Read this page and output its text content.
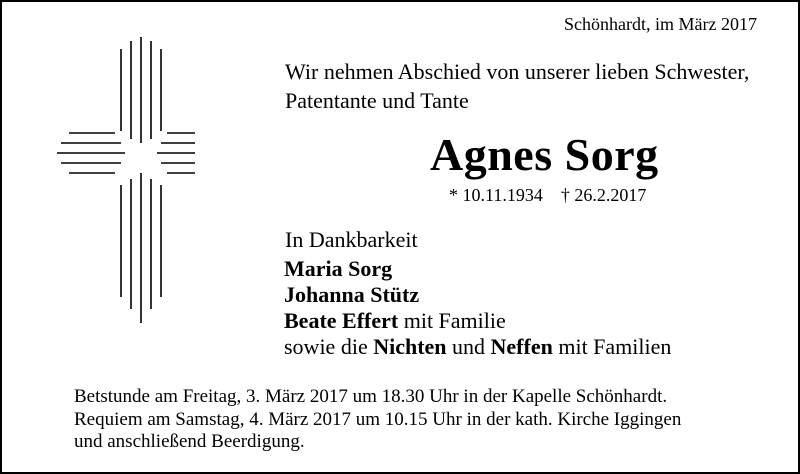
Schönhardt, im März 2017
Wir nehmen Abschied von unserer lieben Schwester,
Patentante und Tante
Agnes Sorg
* 10.11.1934 † 26.2.2017
In Dankbarkeit
Maria Sorg
Johanna Stütz
Beate Effert mit Familie
sowie die Nichten und Neffen mit Familien
Betstunde am Freitag, 3. März 2017 um 18.30 Uhr in der Kapelle Schönhardt.
Requiem am Samstag, 4. März 2017 um 10.15 Uhr in der kath. Kirche Iggingen
und anschließend Beerdigung.
